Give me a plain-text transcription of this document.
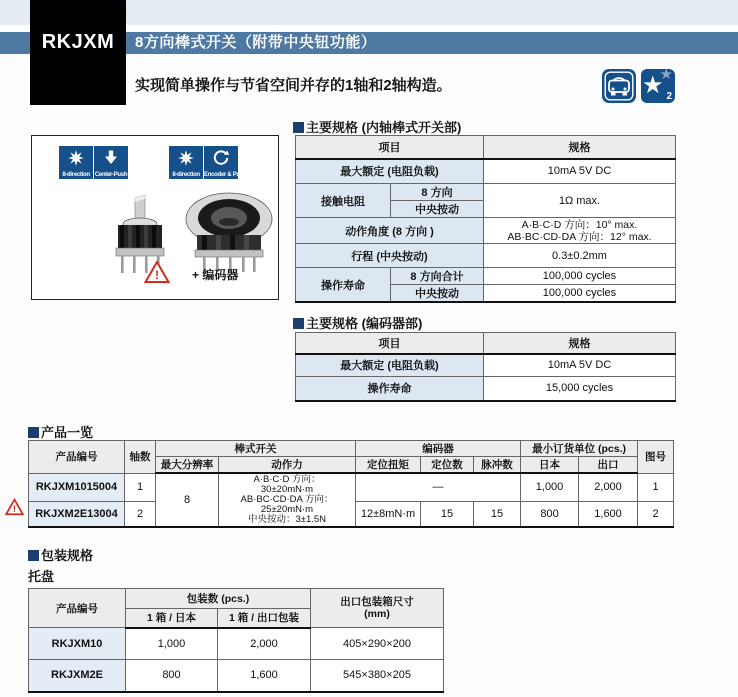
8方向棒式开关（附带中央钮功能）
RKJXM
实现简单操作与节省空间并存的1轴和2轴构造。
★
★ 2
8-direction Center-Push	8-direction Encoder & Push
!	+ 编码器
主要规格 (内轴棒式开关部)
项目		规格
最大额定 (电阻负载)		10mA 5V DC
接触电阻	8 方向	1Ω max.
	中央按动	
动作角度 (8 方向 )		A·B·C·D 方向：10° max.
AB·BC·CD·DA 方向：12° max.

行程 (中央按动)		0.3±0.2mm
操作寿命	8 方向合计	100,000 cycles
	中央按动	100,000 cycles
主要规格 (编码器部)
项目	规格
最大额定 (电阻负载)	10mA 5V DC
操作寿命	15,000 cycles
产品一览
产品编号	轴数	棒式开关		编码器			最小订货单位 (pcs.)		图号
		最大分辨率	动作力	定位扭矩	定位数	脉冲数	日本	出口	
RKJXM1015004	1	8	A·B·C·D 方向：
30±20mN·m
AB·BC·CD·DA 方向：
25±20mN·m
中央按动：3±1.5N	—			1,000	2,000	1
RKJXM2E13004	2			12±8mN·m	15	15	800	1,600	2
!
包装规格
托盘
产品编号	包装数 (pcs.)		出口包装箱尺寸
(mm)

	1 箱 / 日本	1 箱 / 出口包装	
RKJXM10	1,000	2,000	405×290×200
RKJXM2E	800	1,600	545×380×205
